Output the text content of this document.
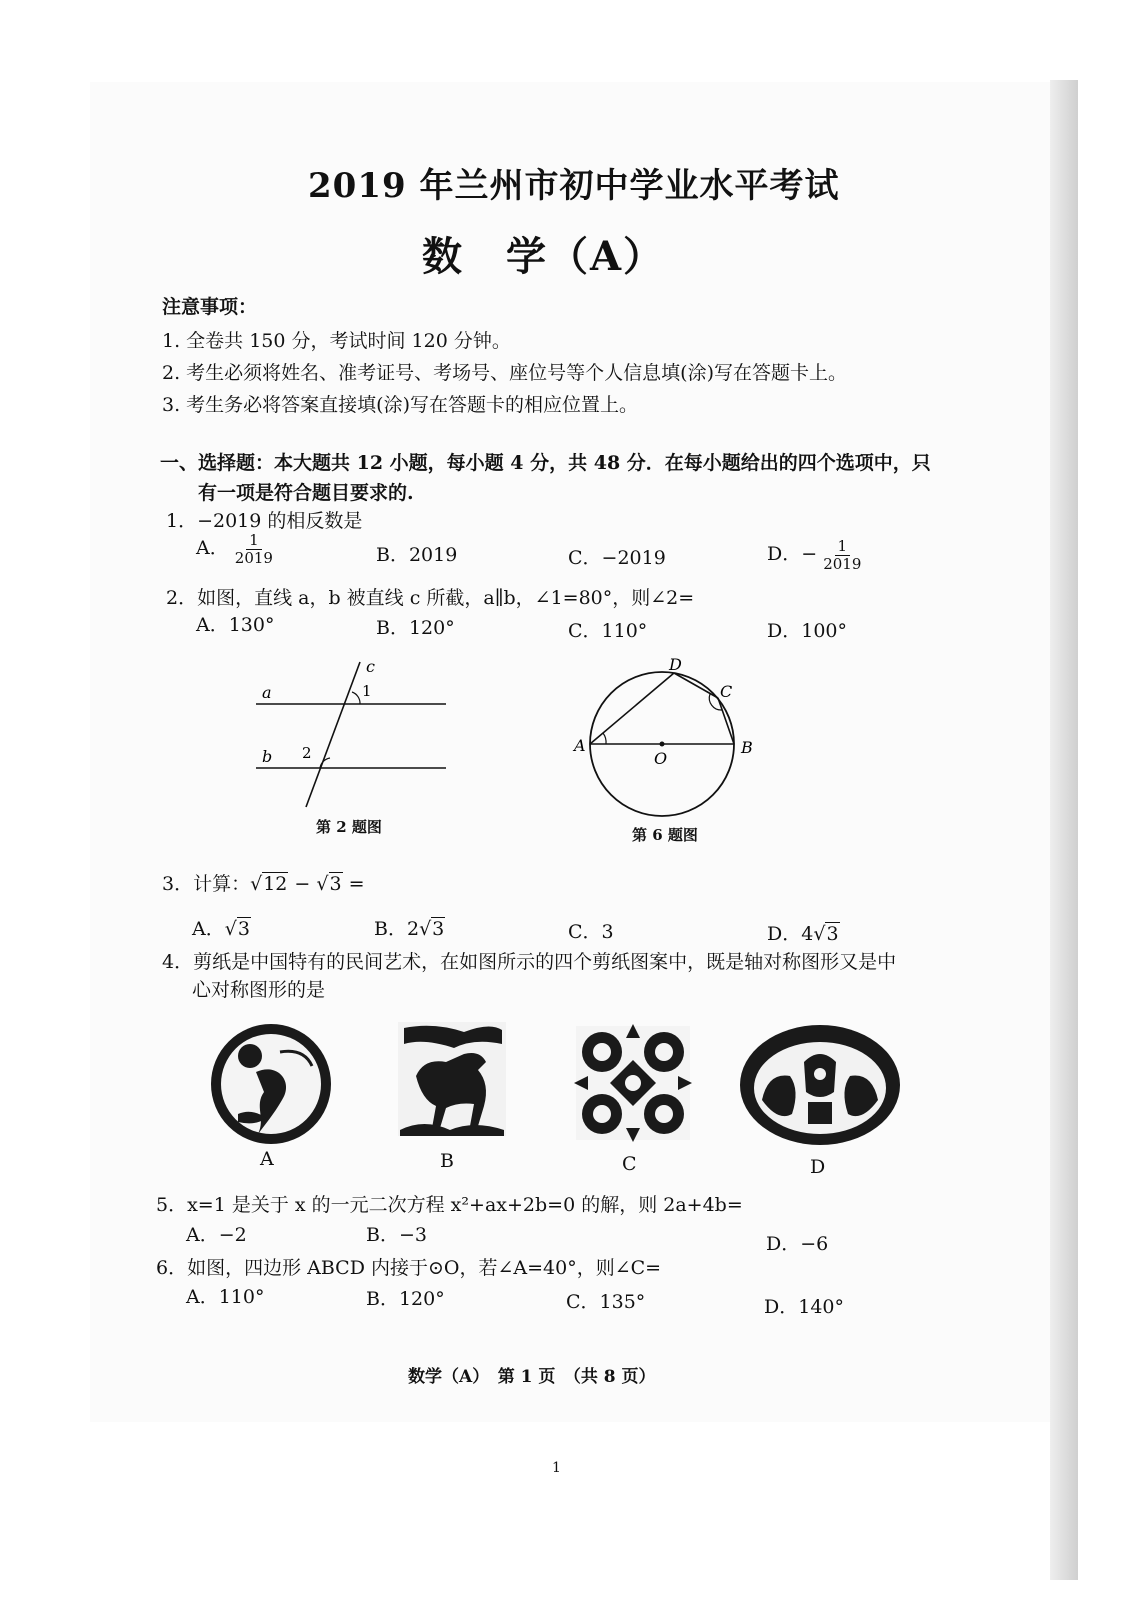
2019 年兰州市初中学业水平考试
数　学（A）
注意事项：
1. 全卷共 150 分，考试时间 120 分钟。
2. 考生必须将姓名、准考证号、考场号、座位号等个人信息填(涂)写在答题卡上。
3. 考生务必将答案直接填(涂)写在答题卡的相应位置上。
一、选择题：本大题共 12 小题，每小题 4 分，共 48 分．在每小题给出的四个选项中，只
有一项是符合题目要求的.
1．−2019 的相反数是
A． $\frac{1}{2019}$	B．2019	C．−2019	D．− $\frac{1}{2019}$
2．如图，直线 a，b 被直线 c 所截，a∥b，∠1=80°，则∠2=
A．130°	B．120°	C．110°	D．100°
a
b
c
1
2
第 2 题图
A	B
C
D
O
第 6 题图
3．计算：√12 − √3 =
A．√3	B．2√3	C．3	D．4√3
4．剪纸是中国特有的民间艺术，在如图所示的四个剪纸图案中，既是轴对称图形又是中
心对称图形的是
A	B	C	D
5．x=1 是关于 x 的一元二次方程 x²+ax+2b=0 的解，则 2a+4b=
A．−2	B．−3	D．−6
6．如图，四边形 ABCD 内接于⊙O，若∠A=40°，则∠C=
A．110°	B．120°	C．135°	D．140°
数学（A）　第 1 页　（共 8 页）
1
